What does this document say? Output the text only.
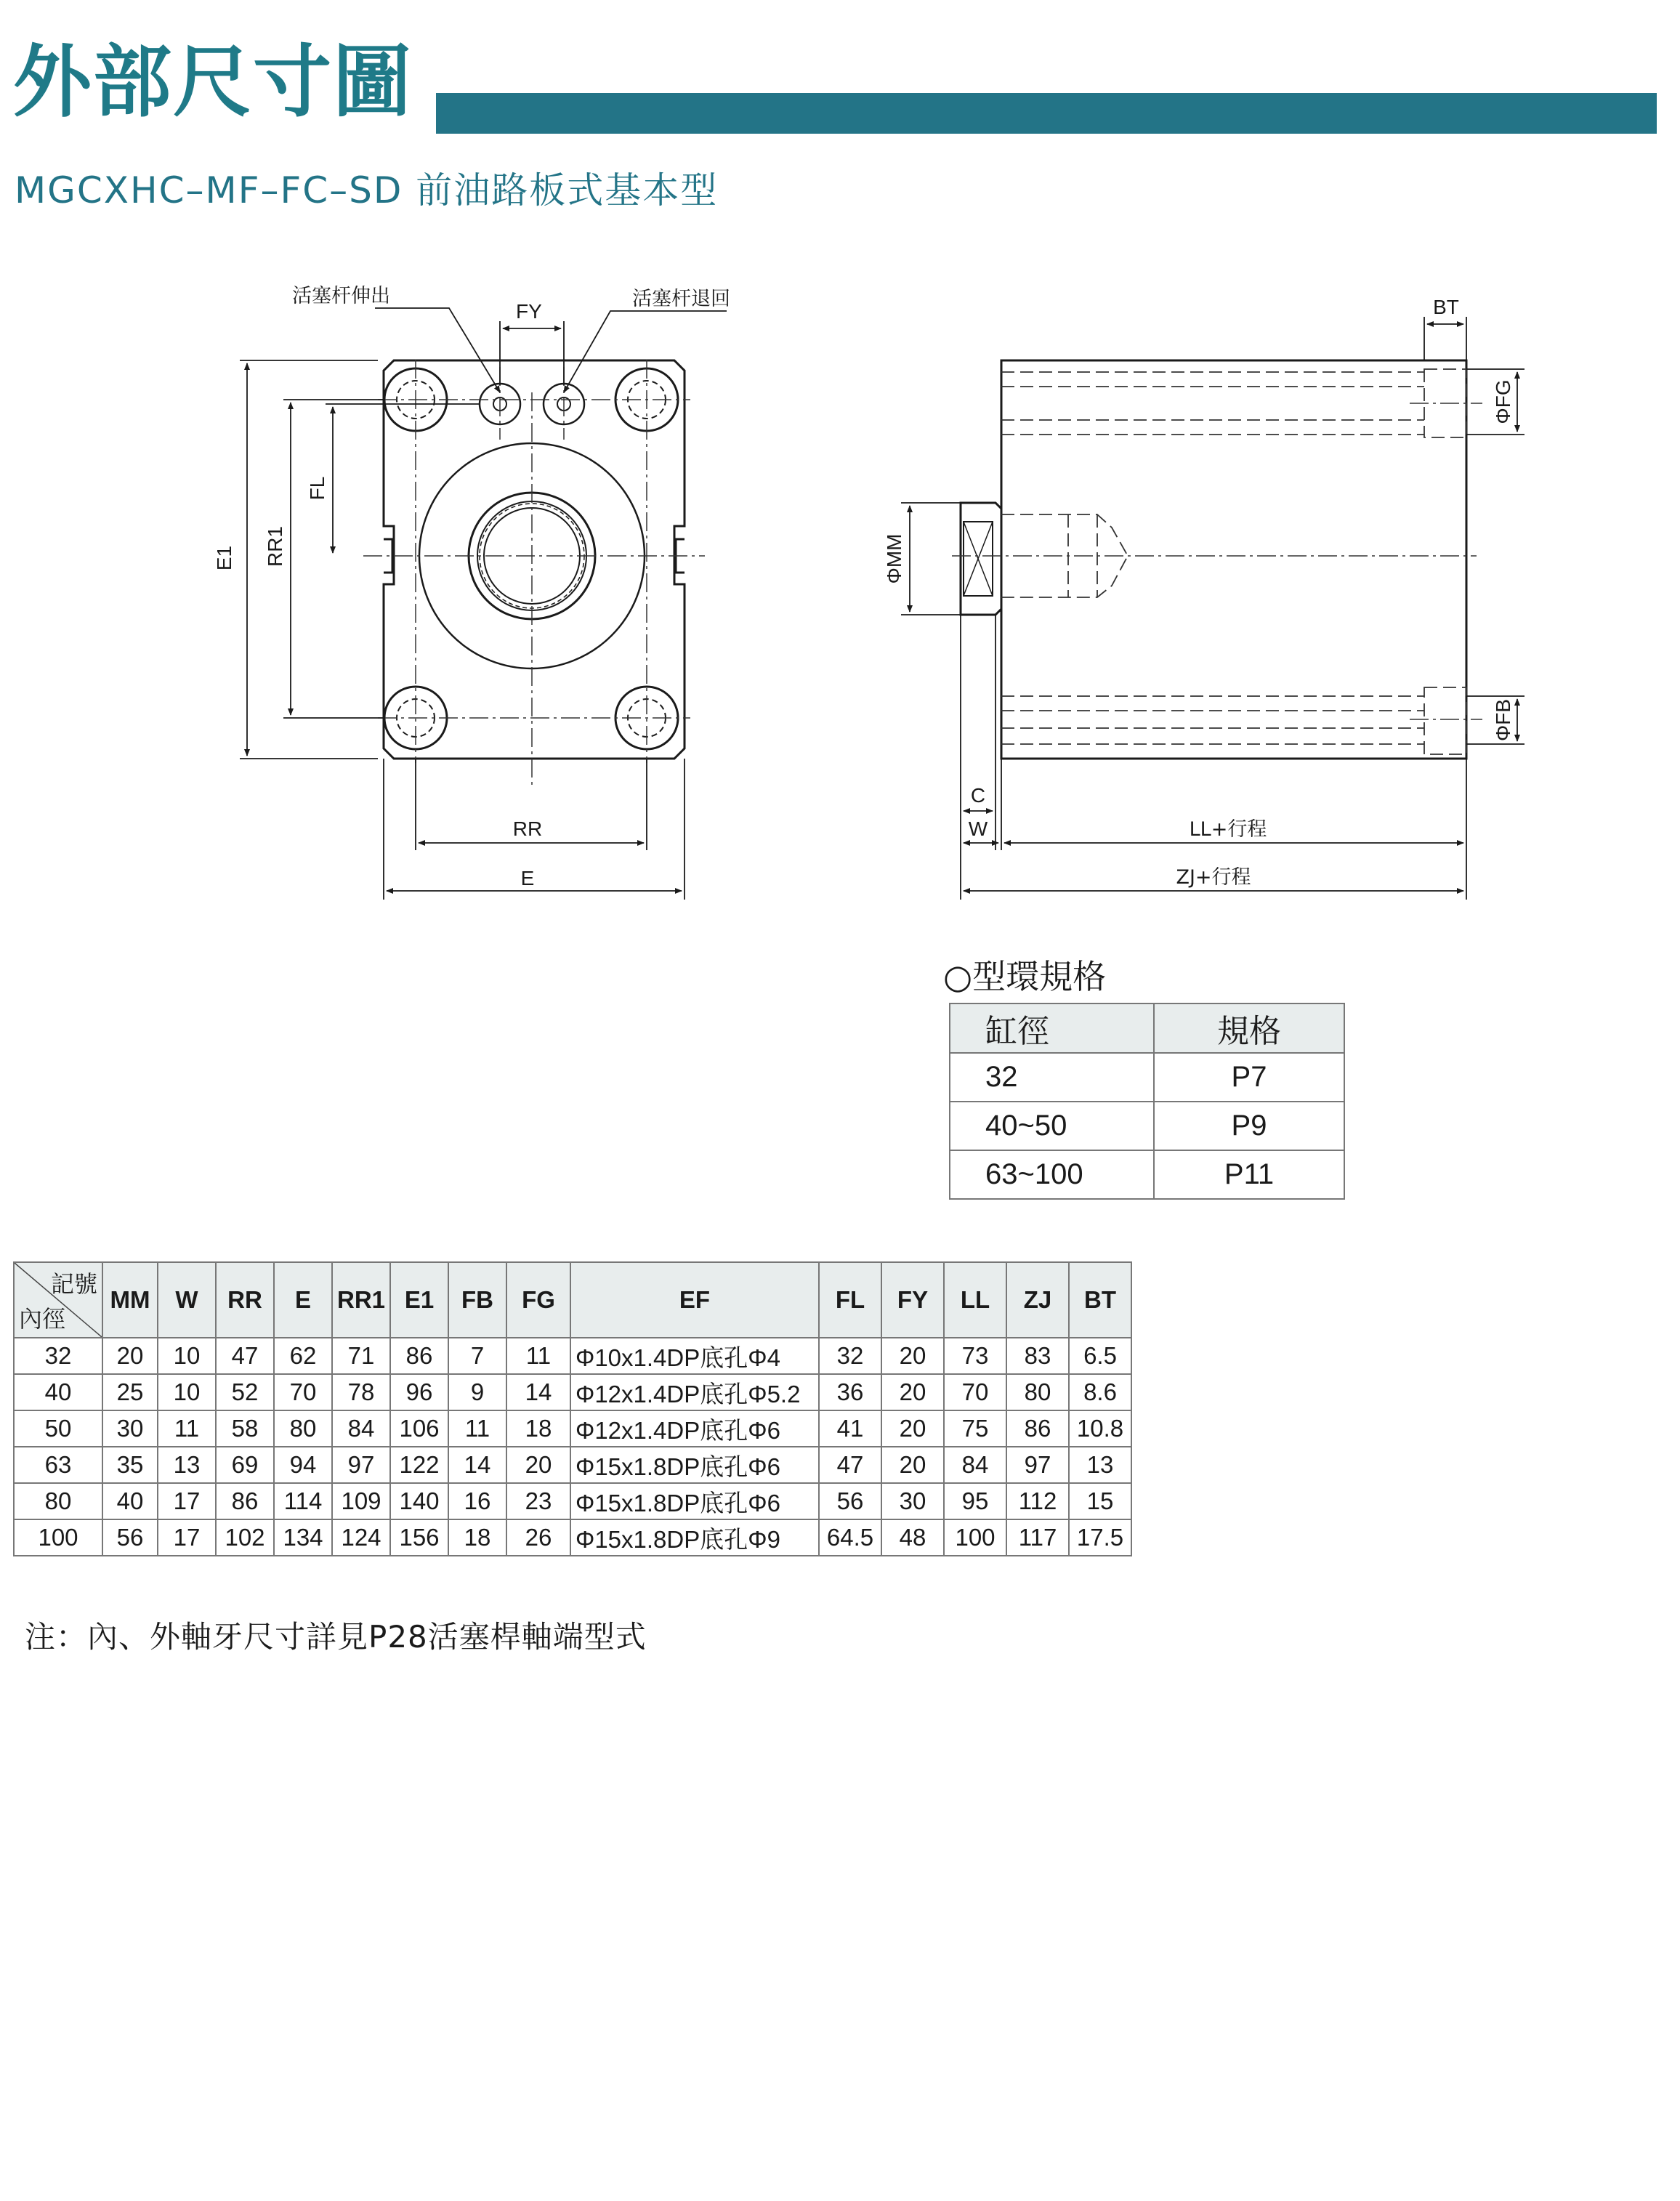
外部尺寸圖
MGCXHC–MF–FC–SD 前油路板式基本型
活塞杆伸出	活塞杆退回
FY
E1 RR1
FL
RR
E
BT
ΦFG
ΦFB
ΦMM
C
W	LL+行程
ZJ+行程
○型環規格
缸徑	規格
32	P7
40~50	P9
63~100	P11
記號
內徑	MM	W	RR	E	RR1	E1	FB	FG	EF	FL	FY	LL	ZJ	BT
32	20	10	47	62	71	86	7	11	Φ10x1.4DP底孔Φ4	32	20	73	83	6.5
40	25	10	52	70	78	96	9	14	Φ12x1.4DP底孔Φ5.2	36	20	70	80	8.6
50	30	11	58	80	84	106	11	18	Φ12x1.4DP底孔Φ6	41	20	75	86	10.8
63	35	13	69	94	97	122	14	20	Φ15x1.8DP底孔Φ6	47	20	84	97	13
80	40	17	86	114	109	140	16	23	Φ15x1.8DP底孔Φ6	56	30	95	112	15
100	56	17	102	134	124	156	18	26	Φ15x1.8DP底孔Φ9	64.5	48	100	117	17.5
注：內、外軸牙尺寸詳見P28活塞桿軸端型式
